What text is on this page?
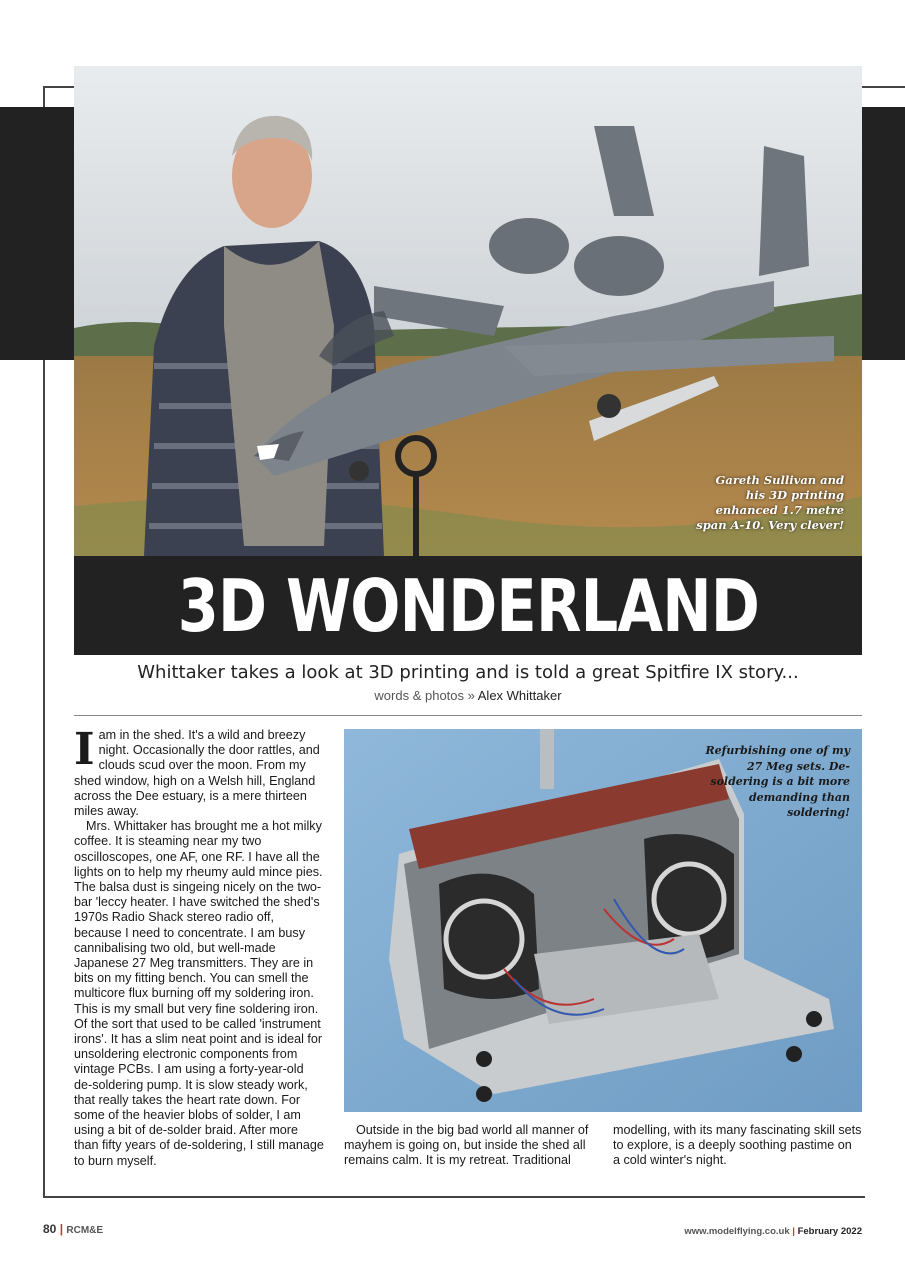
Gareth Sullivan and his 3D printing enhanced 1.7 metre span A-10. Very clever!
3D WONDERLAND
Whittaker takes a look at 3D printing and is told a great Spitfire IX story...
words & photos » Alex Whittaker

Iam in the shed. It's a wild and breezy night. Occasionally the door rattles, and clouds scud over the moon. From my shed window, high on a Welsh hill, England across the Dee estuary, is a mere thirteen miles away.

Mrs. Whittaker has brought me a hot milky coffee. It is steaming near my two oscilloscopes, one AF, one RF. I have all the lights on to help my rheumy auld mince pies. The balsa dust is singeing nicely on the two-bar 'leccy heater. I have switched the shed's 1970s Radio Shack stereo radio off, because I need to concentrate. I am busy cannibalising two old, but well-made Japanese 27 Meg transmitters. They are in bits on my fitting bench. You can smell the multicore flux burning off my soldering iron. This is my small but very fine soldering iron. Of the sort that used to be called 'instrument irons'. It has a slim neat point and is ideal for unsoldering electronic components from vintage PCBs. I am using a forty-year-old de-soldering pump. It is slow steady work, that really takes the heart rate down. For some of the heavier blobs of solder, I am using a bit of de-solder braid. After more than fifty years of de-soldering, I still manage to burn myself.

Refurbishing one of my 27 Meg sets. De-soldering is a bit more demanding than soldering!

Outside in the big bad world all manner of mayhem is going on, but inside the shed all remains calm. It is my retreat. Traditional

modelling, with its many fascinating skill sets to explore, is a deeply soothing pastime on a cold winter's night.

80 | RCM&E	www.modelflying.co.uk | February 2022
